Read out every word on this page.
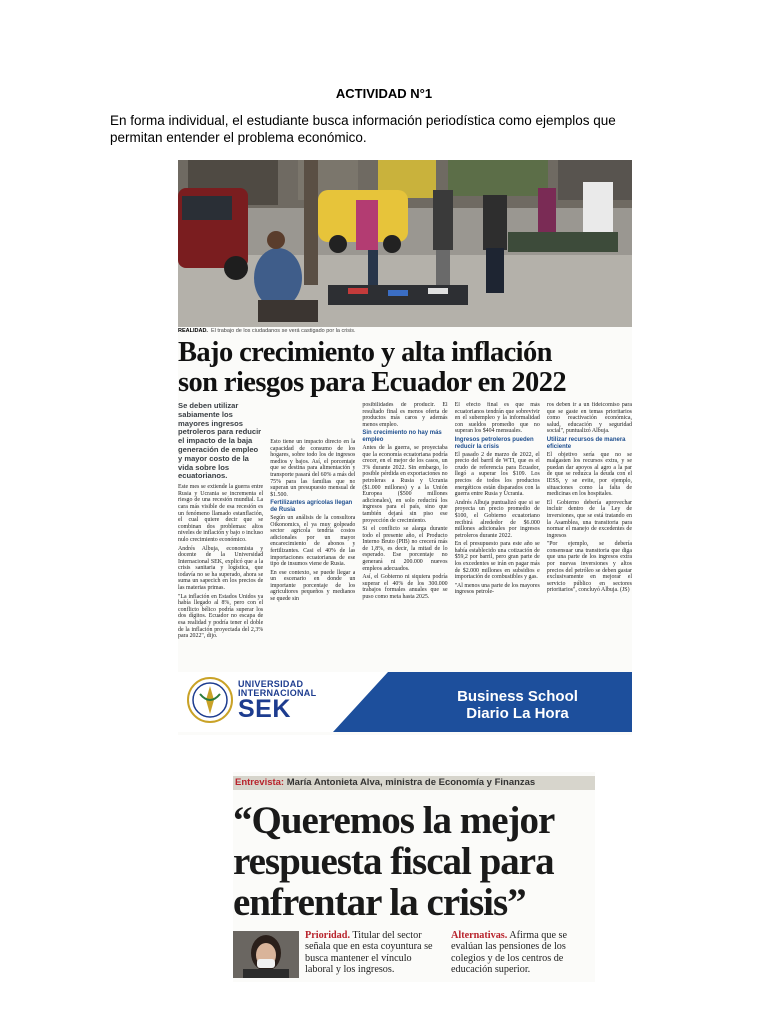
ACTIVIDAD N°1
En forma individual, el estudiante busca información periodística como ejemplos que permitan entender el problema económico.
REALIDAD. El trabajo de los ciudadanos se verá castigado por la crisis.
Bajo crecimiento y alta inflación
son riesgos para Ecuador en 2022

Se deben utilizar sabiamente los mayores ingresos petroleros para reducir el impacto de la baja generación de empleo y mayor costo de la vida sobre los ecuatorianos.

Este mes se extiende la guerra entre Rusia y Ucrania se incrementa el riesgo de una recesión mundial. La cara más visible de esa recesión es un fenómeno llamado estanflación, el cual quiere decir que se combinan dos problemas: altos niveles de inflación y bajo o incluso nulo crecimiento económico.

Andrés Albuja, economista y docente de la Universidad Internacional SEK, explicó que a la crisis sanitaria y logística, que todavía no se ha superado, ahora se suma un sapecich en los precios de las materias primas.

"La inflación en Estados Unidos ya había llegado al 8%, pero con el conflicto bélico podría superar los dos dígitos. Ecuador no escapa de esa realidad y podría tener el doble de la inflación proyectada del 2,3% para 2022", dijo.

Esto tiene un impacto directo en la capacidad de consumo de los hogares, sobre todo los de ingresos medios y bajos. Así, el porcentaje que se destina para alimentación y transporte pasará del 60% a más del 75% para las familias que no superan un presupuesto mensual de $1.500.

Fertilizantes agrícolas llegan de Rusia

Según un análisis de la consultora Oikonomics, el ya muy golpeado sector agrícola tendría costos adicionales por un mayor encarecimiento de abonos y fertilizantes. Casi el 40% de las importaciones ecuatorianas de ese tipo de insumos viene de Rusia.

En ese contexto, se puede llegar a un escenario en donde un importante porcentaje de los agricultores pequeños y medianos se quede sin

posibilidades de producir. El resultado final es menos oferta de productos más caros y además menos empleo.

Sin crecimiento no hay más empleo

Antes de la guerra, se proyectaba que la economía ecuatoriana podría crecer, en el mejor de los casos, un 3% durante 2022. Sin embargo, lo posible pérdida en exportaciones no petroleras a Rusia y Ucrania ($1.000 millones) y a la Unión Europea ($500 millones adicionales), en solo reducirá los ingresos para el país, sino que también dejará sin piso ese proyección de crecimiento.

Si el conflicto se alarga durante todo el presente año, el Producto Interno Bruto (PIB) no crecerá más de 1,8%, es decir, la mitad de lo esperado. Ese porcentaje no generará ni 200.000 nuevos empleos adecuados.

Así, el Gobierno ni siquiera podría superar el 40% de los 300.000 trabajos formales anuales que se puso como meta hasta 2025.

El efecto final es que más ecuatorianos tendrán que sobrevivir en el subempleo y la informalidad con sueldos promedio que no superan los $404 mensuales.

Ingresos petroleros pueden reducir la crisis

El pasado 2 de marzo de 2022, el precio del barril de WTI, que es el crudo de referencia para Ecuador, llegó a superar los $109. Los precios de todos los productos energéticos están disparados con la guerra entre Rusia y Ucrania.

Andrés Albuja puntualizó que si se proyecta un precio promedio de $100, el Gobierno ecuatoriano recibirá alrededor de $6.000 millones adicionales por ingresos petroleros durante 2022.

En el presupuesto para este año se había establecido una cotización de $59,2 por barril, pero gran parte de los excedentes se irán en pagar más de $2.000 millones en subsidios e importación de combustibles y gas.

"Al menos una parte de los mayores ingresos petrole-

ros deben ir a un fideicomiso para que se gaste en temas prioritarios como reactivación económica, salud, educación y seguridad social", puntualizó Albuja.

Utilizar recursos de manera eficiente

El objetivo sería que no se malgasten los recursos extra, y se puedan dar apoyos al agro a la par de que se reduzca la deuda con el IESS, y se evite, por ejemplo, situaciones como la falta de medicinas en los hospitales.

El Gobierno debería aprovechar incluir dentro de la Ley de inversiones, que se está tratando en la Asamblea, una transitoria para normar el manejo de excedentes de ingresos

"Por ejemplo, se debería consensuar una transitoria que diga que una parte de los ingresos extra por nuevas inversiones y altos precios del petróleo se deben gastar exclusivamente en mejorar el servicio público en sectores prioritarios", concluyó Albuja. (JS)

UNIVERSIDAD
INTERNACIONAL
SEK	Business School
Diario La Hora
Entrevista: María Antonieta Alva, ministra de Economía y Finanzas
“Queremos la mejor
respuesta fiscal para
enfrentar la crisis”
Prioridad. Titular del sector señala que en esta coyuntura se busca mantener el vínculo laboral y los ingresos.
Alternativas. Afirma que se evalúan las pensiones de los colegios y de los centros de educación superior.
